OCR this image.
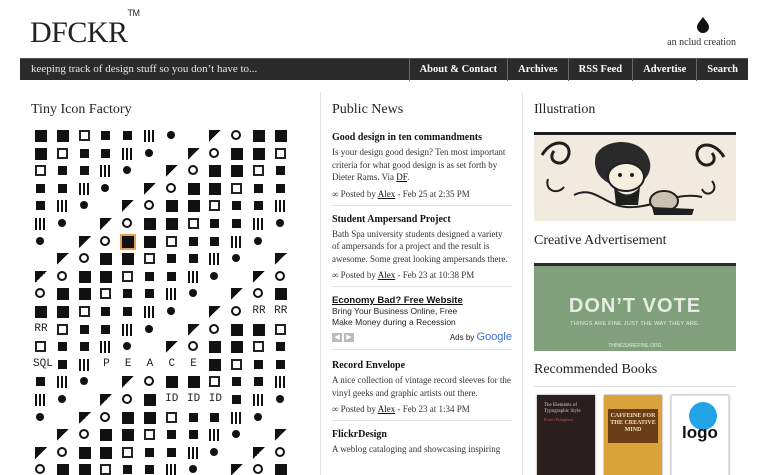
DFCKR™
an nclud creation
keeping track of design stuff so you don’t have to...	About & Contact	Archives	RSS Feed	Advertise	Search
Tiny Icon Factory	Public News	Illustration
Creative Advertisement
Recommended Books
RR RR
RR
SQL	P	E	A	C	E
ID ID ID
Good design in ten commandments
Is your design good design? Ten most important criteria for what good design is as set forth by Dieter Rams. Via DF.
∞ Posted by Alex - Feb 25 at 2:35 PM
Student Ampersand Project
Bath Spa university students designed a variety of ampersands for a project and the result is awesome. Some great looking ampersands there.
∞ Posted by Alex - Feb 23 at 10:38 PM
Economy Bad? Free Website
Bring Your Business Online, Free Make Money during a Recession
◀ ▶	Ads by Google
Record Envelope
A nice collection of vintage record sleeves for the vinyl geeks and graphic artists out there.
∞ Posted by Alex - Feb 23 at 1:34 PM
FlickrDesign
A weblog cataloging and showcasing inspiring
DON’T VOTE
THINGS ARE FINE JUST THE WAY THEY ARE.
THINGSAREFINE.ORG
The Elements of Typographic Style
Robert Bringhurst
CAFFEINE FOR THE CREATIVE MIND	logo
